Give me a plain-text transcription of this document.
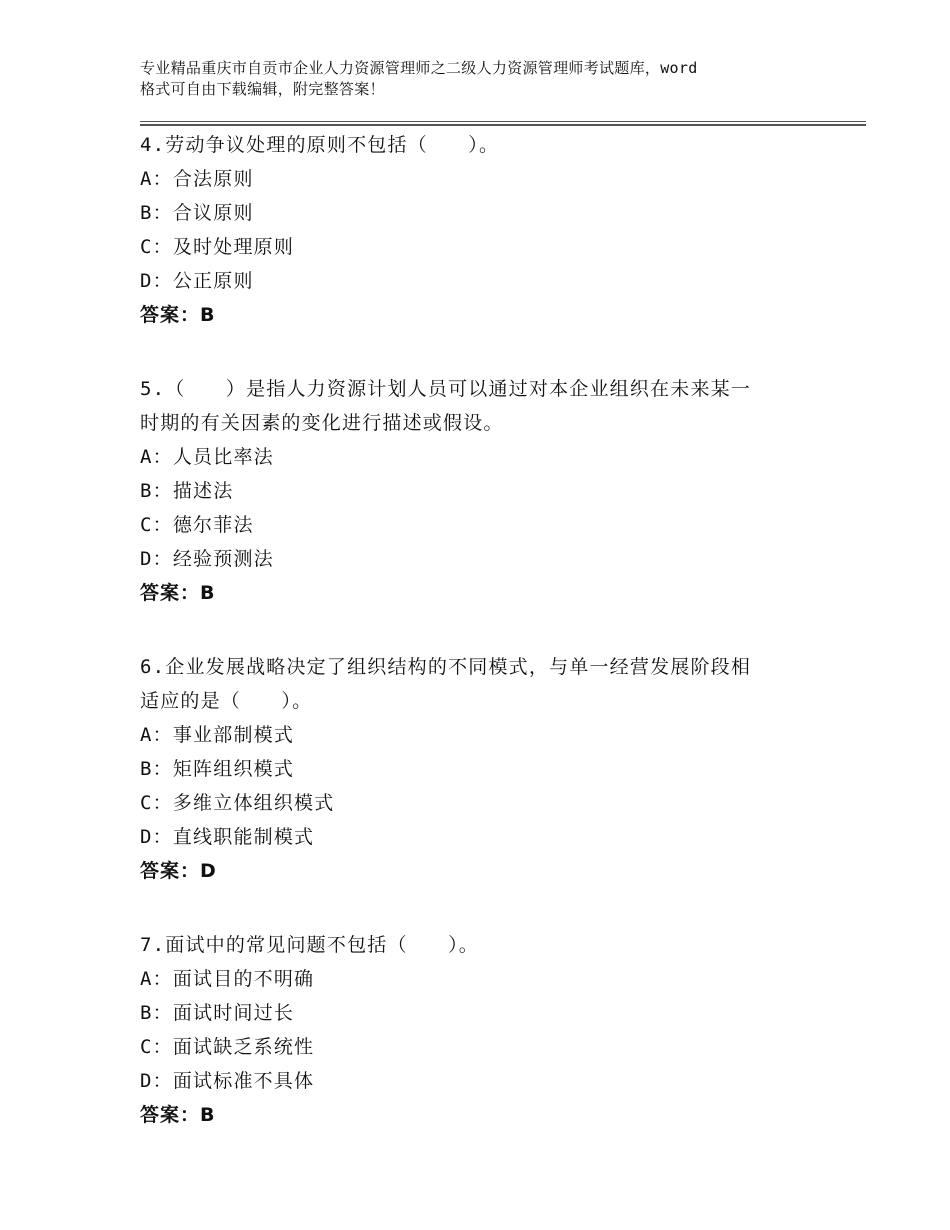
专业精品重庆市自贡市企业人力资源管理师之二级人力资源管理师考试题库，word
格式可自由下载编辑，附完整答案！

4.劳动争议处理的原则不包括（　　）。

A：合法原则

B：合议原则

C：及时处理原则

D：公正原则

答案：B

5.（　　）是指人力资源计划人员可以通过对本企业组织在未来某一

时期的有关因素的变化进行描述或假设。

A：人员比率法

B：描述法

C：德尔菲法

D：经验预测法

答案：B

6.企业发展战略决定了组织结构的不同模式，与单一经营发展阶段相

适应的是（　　）。

A：事业部制模式

B：矩阵组织模式

C：多维立体组织模式

D：直线职能制模式

答案：D

7.面试中的常见问题不包括（　　）。

A：面试目的不明确

B：面试时间过长

C：面试缺乏系统性

D：面试标准不具体

答案：B
